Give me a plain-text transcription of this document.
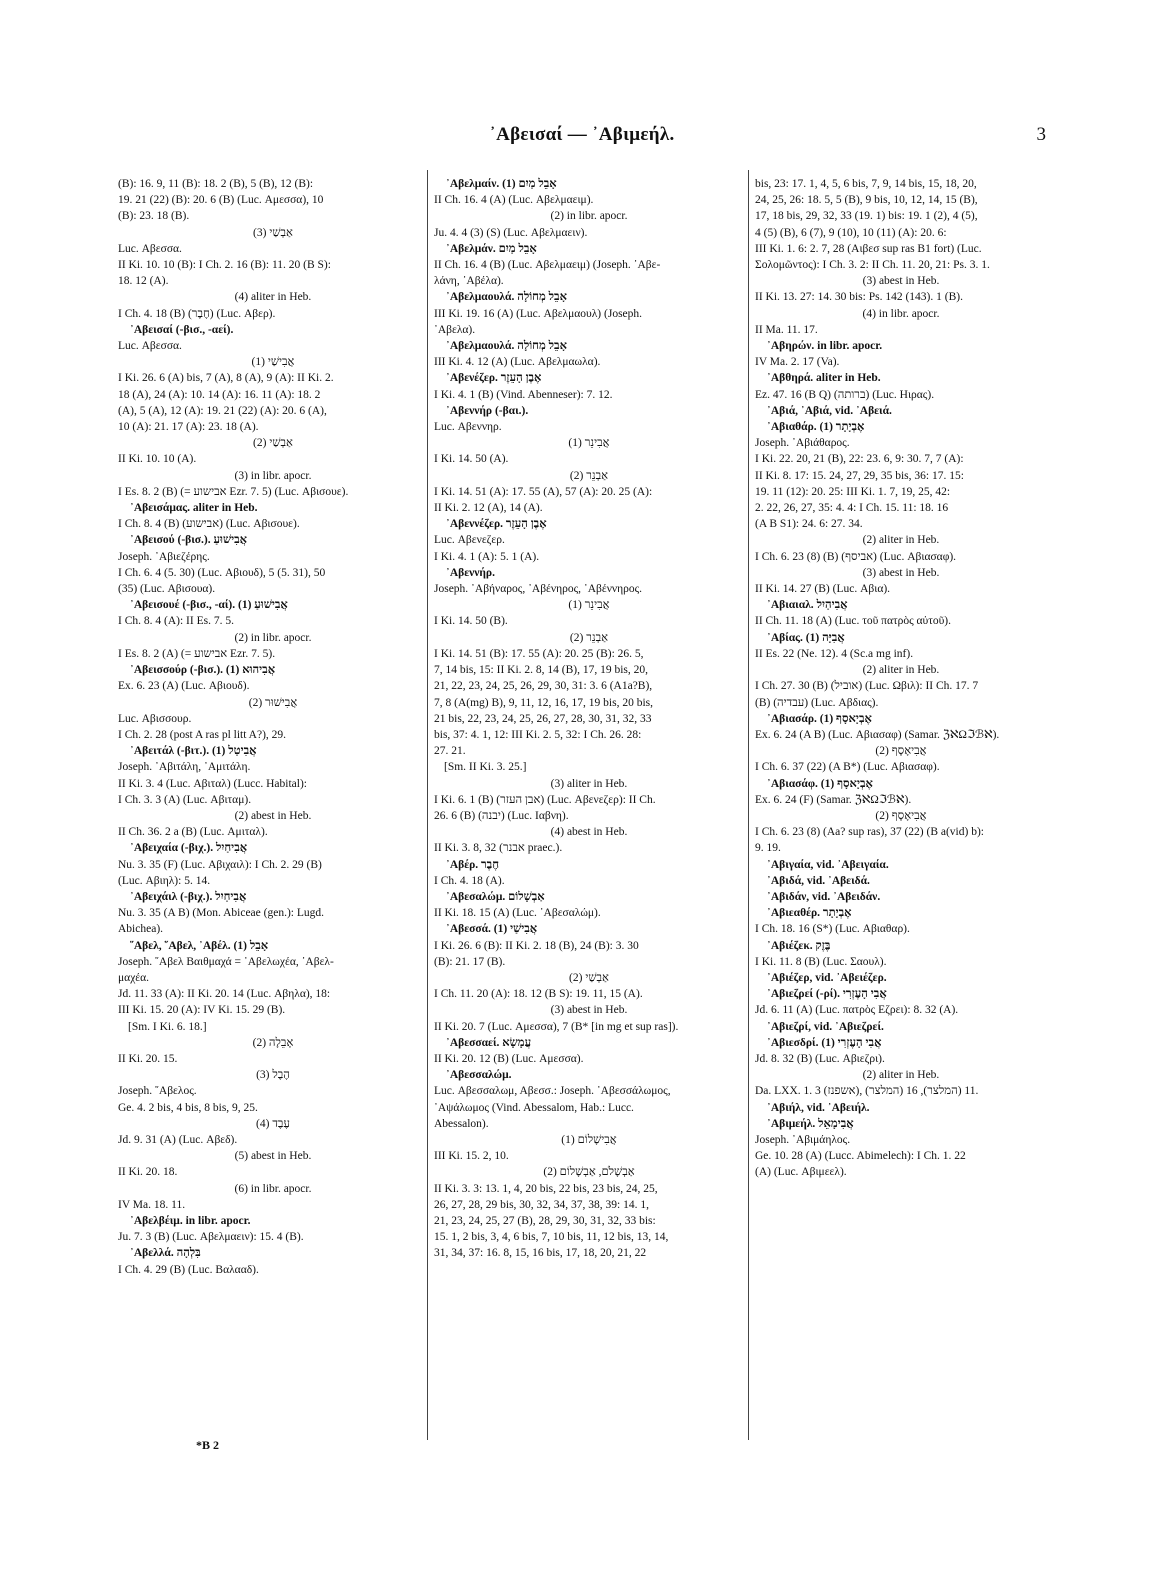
᾿Αβεισαί — ᾿Αβιμεήλ.	3
(B): 16. 9, 11 (B): 18. 2 (B), 5 (B), 12 (B):
19. 21 (22) (B): 20. 6 (B) (Luc. Αμεσσα), 10
(B): 23. 18 (B).
(3) אַבְשַׁי
Luc. Αβεσσα.
II Ki. 10. 10 (B): I Ch. 2. 16 (B): 11. 20 (B S):
18. 12 (A).
(4) aliter in Heb.
I Ch. 4. 18 (B) (חֶבֶר) (Luc. Αβερ).
᾿Αβεισαί (-βισ., -αεί).
Luc. Αβεσσα.
(1) אֲבִישַׁי
I Ki. 26. 6 (A) bis, 7 (A), 8 (A), 9 (A): II Ki. 2.
18 (A), 24 (A): 10. 14 (A): 16. 11 (A): 18. 2
(A), 5 (A), 12 (A): 19. 21 (22) (A): 20. 6 (A),
10 (A): 21. 17 (A): 23. 18 (A).
(2) אַבְשַׁי
II Ki. 10. 10 (A).
(3) in libr. apocr.
I Es. 8. 2 (B) (= אבישוע Ezr. 7. 5) (Luc. Αβισουε).
᾿Αβεισάμας. aliter in Heb.
I Ch. 8. 4 (B) (אבישוע) (Luc. Αβισουε).
᾿Αβεισού (-βισ.). אֲבִישׁוּעַ
Joseph. ᾿Αβιεζέρης.
I Ch. 6. 4 (5. 30) (Luc. Αβιουδ), 5 (5. 31), 50
(35) (Luc. Αβισουα).
᾿Αβεισουέ (-βισ., -αί). (1) אֲבִישׁוּעַ
I Ch. 8. 4 (A): II Es. 7. 5.
(2) in libr. apocr.
I Es. 8. 2 (A) (= אבישוע Ezr. 7. 5).
᾿Αβεισσούρ (-βισ.). (1) אֲבִיהוּא
Ex. 6. 23 (A) (Luc. Αβιουδ).
(2) אֲבִישׁוּר
Luc. Αβισσουρ.
I Ch. 2. 28 (post A ras pl litt A?), 29.
᾿Αβειτάλ (-βιτ.). (1) אֲבִיטַל
Joseph. ᾿Αβιτάλη, ᾿Αμιτάλη.
II Ki. 3. 4 (Luc. Αβιταλ) (Lucc. Habital):
I Ch. 3. 3 (A) (Luc. Αβιταμ).
(2) abest in Heb.
II Ch. 36. 2 a (B) (Luc. Αμιταλ).
᾿Αβειχαία (-βιχ.). אֲבִיחַיִל
Nu. 3. 35 (F) (Luc. Αβιχαιλ): I Ch. 2. 29 (B)
(Luc. Αβιηλ): 5. 14.
᾿Αβειχάιλ (-βιχ.). אֲבִיחַיִל
Nu. 3. 35 (A B) (Mon. Abiceae (gen.): Lugd.
Abichea).
῞Αβελ, ῞Αβελ, ᾿Αβέλ. (1) אָבֵל
Joseph. ῞Αβελ Βαιθμαχά = ᾿Αβελωχέα, ᾿Αβελ-
μαχέα.
Jd. 11. 33 (A): II Ki. 20. 14 (Luc. Αβηλα), 18:
III Ki. 15. 20 (A): IV Ki. 15. 29 (B).
[Sm. I Ki. 6. 18.]
(2) אָבֵלָה
II Ki. 20. 15.
(3) הֶבֶל
Joseph. ῞Αβελος.
Ge. 4. 2 bis, 4 bis, 8 bis, 9, 25.
(4) עֶבֶד
Jd. 9. 31 (A) (Luc. Αβεδ).
(5) abest in Heb.
II Ki. 20. 18.
(6) in libr. apocr.
IV Ma. 18. 11.
᾿Αβελβέιμ. in libr. apocr.
Ju. 7. 3 (B) (Luc. Αβελμαειν): 15. 4 (B).
᾿Αβελλά. בִּלְהָה
I Ch. 4. 29 (B) (Luc. Βαλααδ).
᾿Αβελμαίν. (1) אָבֵל מַיִם
II Ch. 16. 4 (A) (Luc. Αβελμαειμ).
(2) in libr. apocr.
Ju. 4. 4 (3) (S) (Luc. Αβελμαειν).
᾿Αβελμάν. אָבֵל מַיִם
II Ch. 16. 4 (B) (Luc. Αβελμαειμ) (Joseph. ᾿Αβε-
λάνη, ᾿Αβέλα).
᾿Αβελμαουλά. אָבֵל מְחוֹלָה
III Ki. 19. 16 (A) (Luc. Αβελμαουλ) (Joseph.
᾿Αβελα).
᾿Αβελμαουλά. אָבֵל מְחוֹלָה
III Ki. 4. 12 (A) (Luc. Αβελμαωλα).
᾿Αβενέζερ. אֶבֶן הָעֵזֶר
I Ki. 4. 1 (B) (Vind. Abenneser): 7. 12.
᾿Αβεννήρ (-βαι.).
Luc. Αβεννηρ.
(1) אֲבִינֵר
I Ki. 14. 50 (A).
(2) אַבְנֵר
I Ki. 14. 51 (A): 17. 55 (A), 57 (A): 20. 25 (A):
II Ki. 2. 12 (A), 14 (A).
᾿Αβεννέζερ. אֶבֶן הָעֵזֶר
Luc. Αβενεζερ.
I Ki. 4. 1 (A): 5. 1 (A).
᾿Αβεννήρ.
Joseph. ᾿Αβήναρος, ᾿Αβένηρος, ᾿Αβέννηρος.
(1) אֲבִינֵר
I Ki. 14. 50 (B).
(2) אַבְנֵר
I Ki. 14. 51 (B): 17. 55 (A): 20. 25 (B): 26. 5,
7, 14 bis, 15: II Ki. 2. 8, 14 (B), 17, 19 bis, 20,
21, 22, 23, 24, 25, 26, 29, 30, 31: 3. 6 (A1a?B),
7, 8 (A(mg) B), 9, 11, 12, 16, 17, 19 bis, 20 bis,
21 bis, 22, 23, 24, 25, 26, 27, 28, 30, 31, 32, 33
bis, 37: 4. 1, 12: III Ki. 2. 5, 32: I Ch. 26. 28:
27. 21.
[Sm. II Ki. 3. 25.]
(3) aliter in Heb.
I Ki. 6. 1 (B) (אבן העזר) (Luc. Αβενεζερ): II Ch.
26. 6 (B) (יבנה) (Luc. Ιαβνη).
(4) abest in Heb.
II Ki. 3. 8, 32 (אבנר praec.).
᾿Αβέρ. חֶבֶר
I Ch. 4. 18 (A).
᾿Αβεσαλώμ. אַבְשָׁלוֹם
II Ki. 18. 15 (A) (Luc. ᾿Αβεσαλώμ).
᾿Αβεσσά. (1) אֲבִישַׁי
I Ki. 26. 6 (B): II Ki. 2. 18 (B), 24 (B): 3. 30
(B): 21. 17 (B).
(2) אַבְשַׁי
I Ch. 11. 20 (A): 18. 12 (B S): 19. 11, 15 (A).
(3) abest in Heb.
II Ki. 20. 7 (Luc. Αμεσσα), 7 (B* [in mg et sup ras]).
᾿Αβεσσαεί. עֲמָשָׂא
II Ki. 20. 12 (B) (Luc. Αμεσσα).
᾿Αβεσσαλώμ.
Luc. Αβεσσαλωμ, Αβεσσ.: Joseph. ᾿Αβεσσάλωμος,
᾿Αψάλωμος (Vind. Abessalom, Hab.: Lucc.
Abessalon).
(1) אֲבִישָׁלוֹם
III Ki. 15. 2, 10.
(2) אַבְשָׁלֹם, אַבְשָׁלוֹם
II Ki. 3. 3: 13. 1, 4, 20 bis, 22 bis, 23 bis, 24, 25,
26, 27, 28, 29 bis, 30, 32, 34, 37, 38, 39: 14. 1,
21, 23, 24, 25, 27 (B), 28, 29, 30, 31, 32, 33 bis:
15. 1, 2 bis, 3, 4, 6 bis, 7, 10 bis, 11, 12 bis, 13, 14,
31, 34, 37: 16. 8, 15, 16 bis, 17, 18, 20, 21, 22
bis, 23: 17. 1, 4, 5, 6 bis, 7, 9, 14 bis, 15, 18, 20,
24, 25, 26: 18. 5, 5 (B), 9 bis, 10, 12, 14, 15 (B),
17, 18 bis, 29, 32, 33 (19. 1) bis: 19. 1 (2), 4 (5),
4 (5) (B), 6 (7), 9 (10), 10 (11) (A): 20. 6:
III Ki. 1. 6: 2. 7, 28 (Αιβεσ sup ras B1 fort) (Luc.
Σολομῶντος): I Ch. 3. 2: II Ch. 11. 20, 21: Ps. 3. 1.
(3) abest in Heb.
II Ki. 13. 27: 14. 30 bis: Ps. 142 (143). 1 (B).
(4) in libr. apocr.
II Ma. 11. 17.
᾿Αβηρών. in libr. apocr.
IV Ma. 2. 17 (Va).
᾿Αβθηρά. aliter in Heb.
Ez. 47. 16 (B Q) (ברותה) (Luc. Ηιρας).
᾿Αβιά, ᾿Αβιά, vid. ᾿Αβειά.
᾿Αβιαθάρ. (1) אֶבְיָתָר
Joseph. ᾿Αβιάθαρος.
I Ki. 22. 20, 21 (B), 22: 23. 6, 9: 30. 7, 7 (A):
II Ki. 8. 17: 15. 24, 27, 29, 35 bis, 36: 17. 15:
19. 11 (12): 20. 25: III Ki. 1. 7, 19, 25, 42:
2. 22, 26, 27, 35: 4. 4: I Ch. 15. 11: 18. 16
(A B S1): 24. 6: 27. 34.
(2) aliter in Heb.
I Ch. 6. 23 (8) (B) (אביסף) (Luc. Αβιασαφ).
(3) abest in Heb.
II Ki. 14. 27 (B) (Luc. Αβια).
᾿Αβιαιαλ. אֲבִיהַיִל
II Ch. 11. 18 (A) (Luc. τοῦ πατρὸς αὐτοῦ).
᾿Αβίας. (1) אֲבִיָּה
II Es. 22 (Ne. 12). 4 (Sc.a mg inf).
(2) aliter in Heb.
I Ch. 27. 30 (B) (אוביל) (Luc. Ωβιλ): II Ch. 17. 7
(B) (עבדיה) (Luc. Αβδιας).
᾿Αβιασάρ. (1) אֶבְיָאסָף
Ex. 6. 24 (A B) (Luc. Αβιασαφ) (Samar. ℨℵΩℑℬℵ).
(2) אֲבִיאָסָף
I Ch. 6. 37 (22) (A B*) (Luc. Αβιασαφ).
᾿Αβιασάφ. (1) אֶבְיָאסָף
Ex. 6. 24 (F) (Samar. ℨℵΩℑℬℵ).
(2) אֲבִיאָסָף
I Ch. 6. 23 (8) (Aa? sup ras), 37 (22) (B a(vid) b):
9. 19.
᾿Αβιγαία, vid. ᾿Αβειγαία.
᾿Αβιδά, vid. ᾿Αβειδά.
᾿Αβιδάν, vid. ᾿Αβειδάν.
᾿Αβιεαθέρ. אֶבְיָתָר
I Ch. 18. 16 (S*) (Luc. Αβιαθαρ).
᾿Αβιέζεκ. בֶּזֶק
I Ki. 11. 8 (B) (Luc. Σαουλ).
᾿Αβιέζερ, vid. ᾿Αβειέζερ.
᾿Αβιεζρεί (-ρί). אֲבִי הָעֶזְרִי
Jd. 6. 11 (A) (Luc. πατρὸς Εζρει): 8. 32 (A).
᾿Αβιεζρί, vid. ᾿Αβιεζρεί.
᾿Αβιεσδρί. (1) אֲבִי הָעֶזְרִי
Jd. 8. 32 (B) (Luc. Αβιεζρι).
(2) aliter in Heb.
Da. LXX. 1. 3 (אשפנז), 11 (המלצר), 16 (המלצר).
᾿Αβιήλ, vid. ᾿Αβειήλ.
᾿Αβιμεήλ. אֲבִימָאֵל
Joseph. ᾿Αβιμάηλος.
Ge. 10. 28 (A) (Lucc. Abimelech): I Ch. 1. 22
(A) (Luc. Αβιμεελ).
*B 2
